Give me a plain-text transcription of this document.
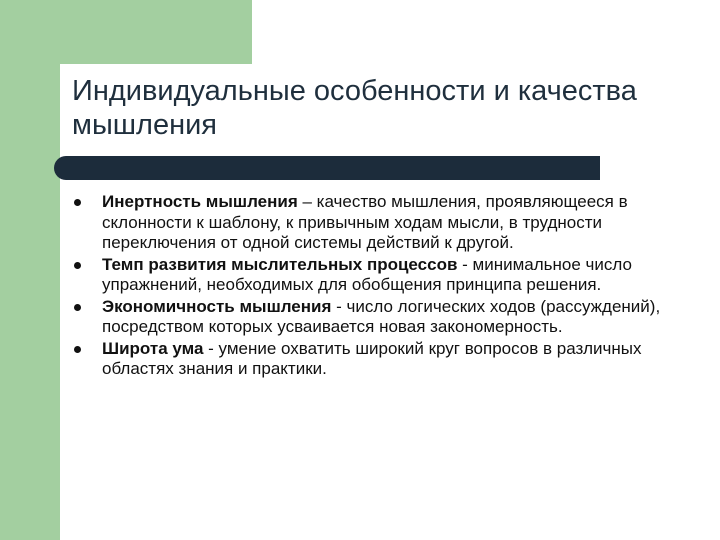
Индивидуальные особенности и качества мышления
Инертность мышления – качество мышления, проявляющееся в склонности к шаблону, к привычным ходам мысли, в трудности переключения от одной системы действий к другой.
Темп развития мыслительных процессов - минимальное число упражнений, необходимых для обобщения принципа решения.
Экономичность мышления - число логических ходов (рассуждений), посредством которых усваивается новая закономерность.
Широта ума - умение охватить широкий круг вопросов в различных областях знания и практики.
